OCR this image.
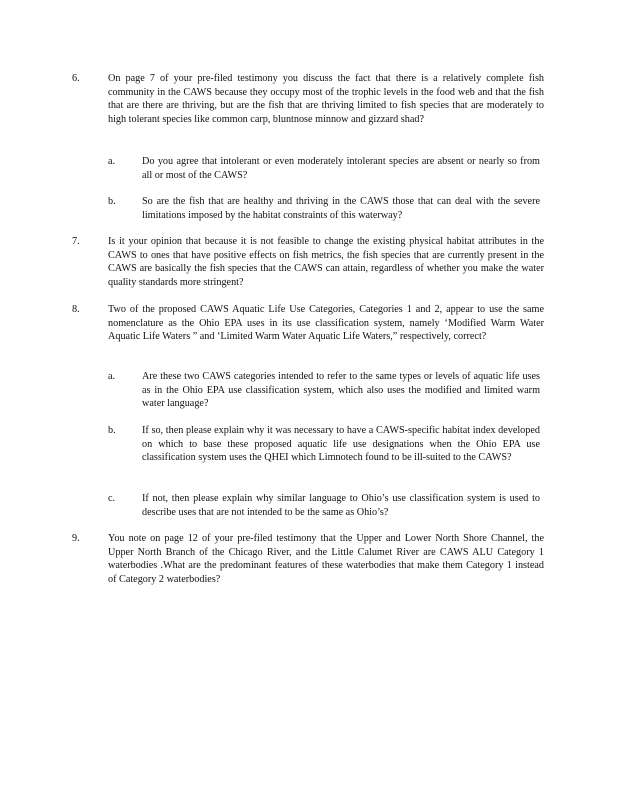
6.	On page 7 of your pre-filed testimony you discuss the fact that there is a relatively complete fish community in the CAWS because they occupy most of the trophic levels in the food web and that the fish that are there are thriving, but are the fish that are thriving limited to fish species that are moderately to high tolerant species like common carp, bluntnose minnow and gizzard shad?
a.	Do you agree that intolerant or even moderately intolerant species are absent or nearly so from all or most of the CAWS?
b.	So are the fish that are healthy and thriving in the CAWS those that can deal with the severe limitations imposed by the habitat constraints of this waterway?
7.	Is it your opinion that because it is not feasible to change the existing physical habitat attributes in the CAWS to ones that have positive effects on fish metrics, the fish species that are currently present in the CAWS are basically the fish species that the CAWS can attain, regardless of whether you make the water quality standards more stringent?
8.	Two of the proposed CAWS Aquatic Life Use Categories, Categories 1 and 2, appear to use the same nomenclature as the Ohio EPA uses in its use classification system, namely ‘Modified Warm Water Aquatic Life Waters ” and ‘Limited Warm Water Aquatic Life Waters,” respectively, correct?
a.	Are these two CAWS categories intended to refer to the same types or levels of aquatic life uses as in the Ohio EPA use classification system, which also uses the modified and limited warm water language?
b.	If so, then please explain why it was necessary to have a CAWS-specific habitat index developed on which to base these proposed aquatic life use designations when the Ohio EPA use classification system uses the QHEI which Limnotech found to be ill-suited to the CAWS?
c.	If not, then please explain why similar language to Ohio’s use classification system is used to describe uses that are not intended to be the same as Ohio’s?
9.	You note on page 12 of your pre-filed testimony that the Upper and Lower North Shore Channel, the Upper North Branch of the Chicago River, and the Little Calumet River are CAWS ALU Category 1 waterbodies .What are the predominant features of these waterbodies that make them Category 1 instead of Category 2 waterbodies?
